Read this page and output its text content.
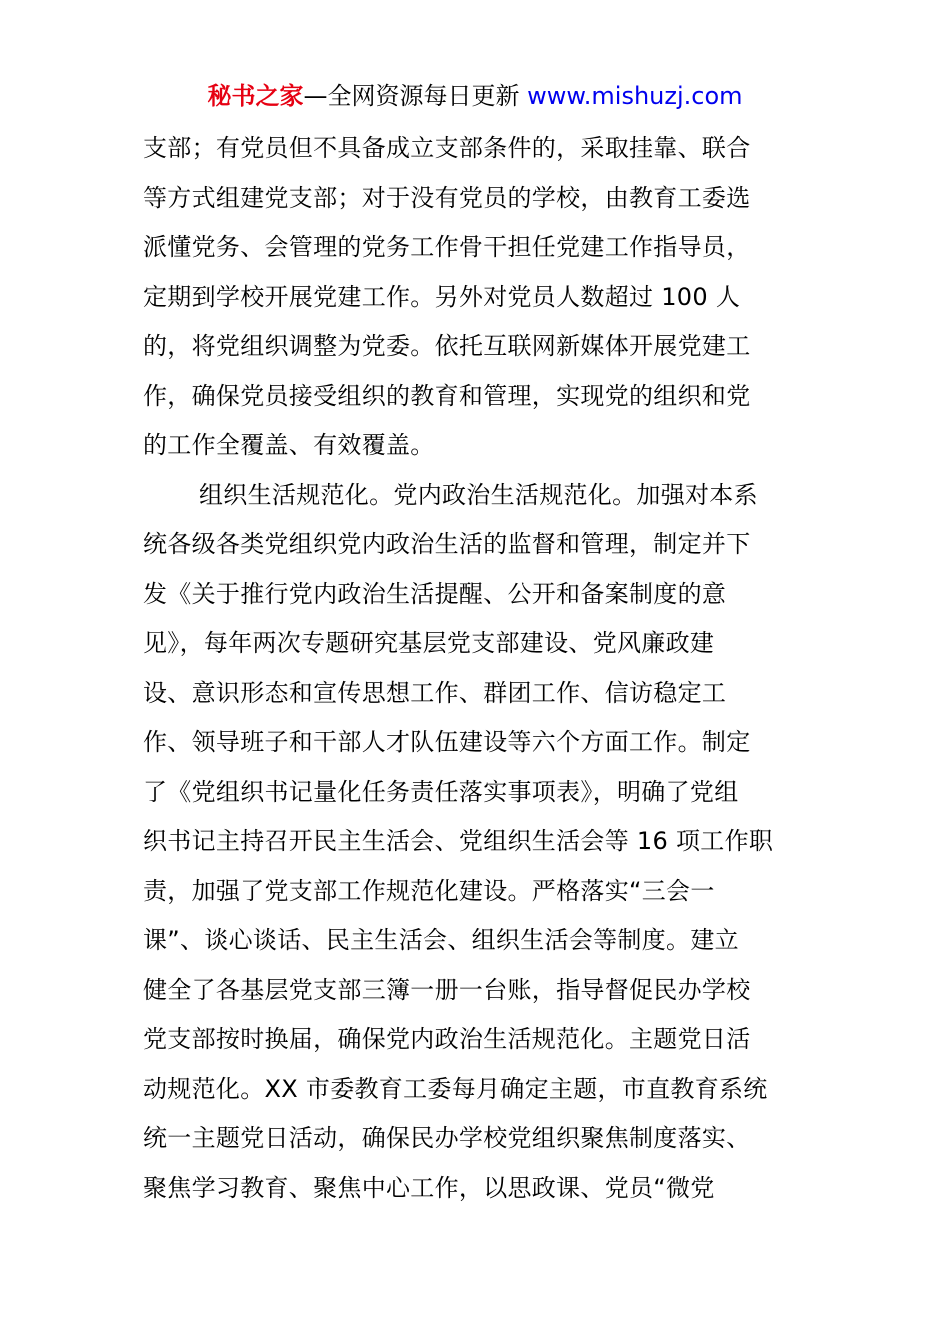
秘书之家—全网资源每日更新 www.mishuzj.com
支部；有党员但不具备成立支部条件的，采取挂靠、联合
等方式组建党支部；对于没有党员的学校，由教育工委选
派懂党务、会管理的党务工作骨干担任党建工作指导员，
定期到学校开展党建工作。另外对党员人数超过 100 人
的，将党组织调整为党委。依托互联网新媒体开展党建工
作，确保党员接受组织的教育和管理，实现党的组织和党
的工作全覆盖、有效覆盖。
组织生活规范化。党内政治生活规范化。加强对本系
统各级各类党组织党内政治生活的监督和管理，制定并下
发《关于推行党内政治生活提醒、公开和备案制度的意
见》，每年两次专题研究基层党支部建设、党风廉政建
设、意识形态和宣传思想工作、群团工作、信访稳定工
作、领导班子和干部人才队伍建设等六个方面工作。制定
了《党组织书记量化任务责任落实事项表》，明确了党组
织书记主持召开民主生活会、党组织生活会等 16 项工作职
责，加强了党支部工作规范化建设。严格落实“三会一
课”、谈心谈话、民主生活会、组织生活会等制度。建立
健全了各基层党支部三簿一册一台账，指导督促民办学校
党支部按时换届，确保党内政治生活规范化。主题党日活
动规范化。XX 市委教育工委每月确定主题，市直教育系统
统一主题党日活动，确保民办学校党组织聚焦制度落实、
聚焦学习教育、聚焦中心工作，以思政课、党员“微党
